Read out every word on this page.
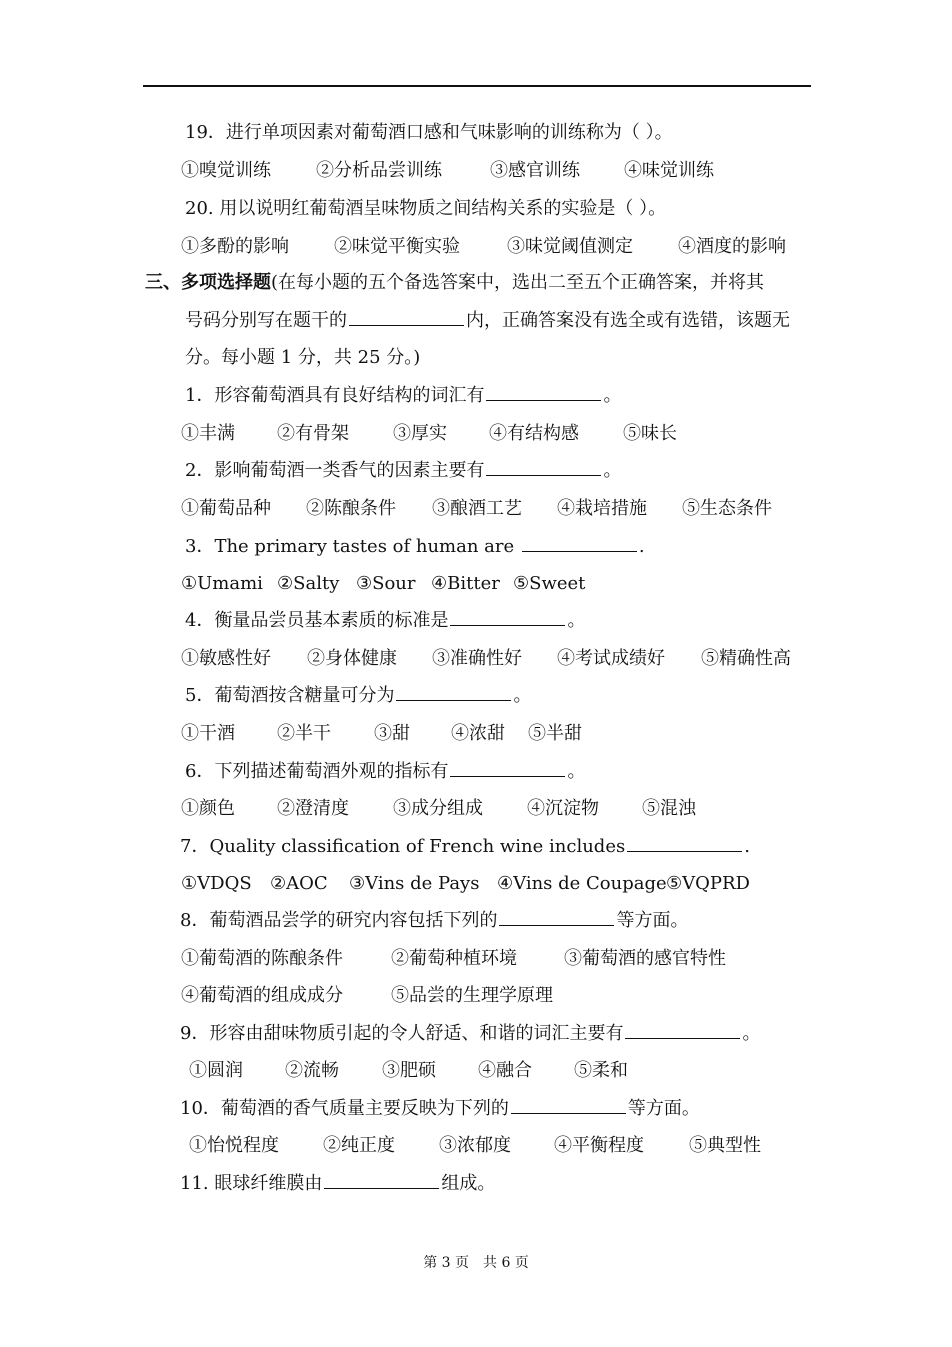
19．进行单项因素对葡萄酒口感和气味影响的训练称为（ ）。
①嗅觉训练	②分析品尝训练	③感官训练 ④味觉训练
20. 用以说明红葡萄酒呈味物质之间结构关系的实验是（ ）。
①多酚的影响	②味觉平衡实验	③味觉阈值测定	④酒度的影响
三、多项选择题(在每小题的五个备选答案中，选出二至五个正确答案，并将其
号码分别写在题干的	内，正确答案没有选全或有选错，该题无
分。每小题 1 分，共 25 分。)
1．形容葡萄酒具有良好结构的词汇有	。
①丰满 ②有骨架 ③厚实 ④有结构感 ⑤味长
2．影响葡萄酒一类香气的因素主要有	。
①葡萄品种 ②陈酿条件 ③酿酒工艺 ④栽培措施 ⑤生态条件
3．The primary tastes of human are	.
①Umami ②Salty ③Sour ④Bitter ⑤Sweet
4．衡量品尝员基本素质的标准是	。
①敏感性好 ②身体健康 ③准确性好 ④考试成绩好 ⑤精确性高
5．葡萄酒按含糖量可分为	。
①干酒 ②半干 ③甜 ④浓甜 ⑤半甜
6．下列描述葡萄酒外观的指标有	。
①颜色 ②澄清度 ③成分组成 ④沉淀物 ⑤混浊
7．Quality classification of French wine includes	.
①VDQS ②AOC ③Vins de Pays ④Vins de Coupage ⑤VQPRD
8．葡萄酒品尝学的研究内容包括下列的	等方面。
①葡萄酒的陈酿条件	②葡萄种植环境	③葡萄酒的感官特性
④葡萄酒的组成成分	⑤品尝的生理学原理
9．形容由甜味物质引起的令人舒适、和谐的词汇主要有	。
①圆润 ②流畅 ③肥硕 ④融合 ⑤柔和
10．葡萄酒的香气质量主要反映为下列的	等方面。
①怡悦程度 ②纯正度 ③浓郁度 ④平衡程度	⑤典型性
11. 眼球纤维膜由	组成。
第 3 页　共 6 页
